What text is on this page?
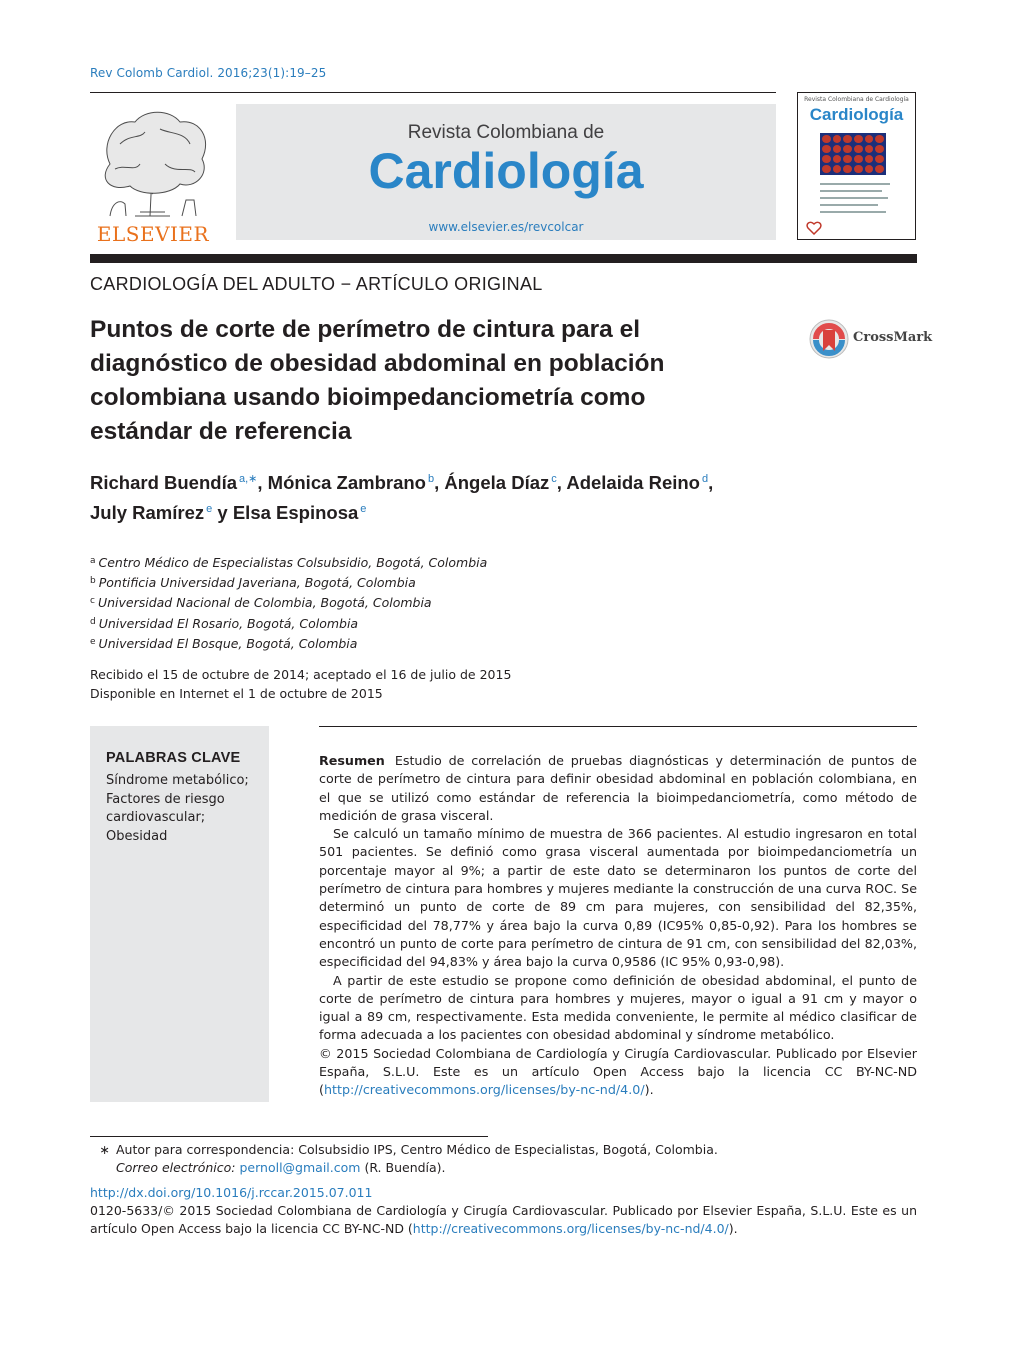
Rev Colomb Cardiol. 2016;23(1):19–25
ELSEVIER
Revista Colombiana de
Cardiología
www.elsevier.es/revcolcar
Revista Colombiana de Cardiología
Cardiología
CARDIOLOGÍA DEL ADULTO − ARTÍCULO ORIGINAL
Puntos de corte de perímetro de cintura para el diagnóstico de obesidad abdominal en población colombiana usando bioimpedanciometría como estándar de referencia
CrossMark
Richard Buendía $^{a,∗}$, Mónica Zambrano $^b$, Ángela Díaz $^c$, Adelaida Reino $^d$,
July Ramírez $^e$ y Elsa Espinosa $^e$
$^a$ Centro Médico de Especialistas Colsubsidio, Bogotá, Colombia
$^b$ Pontificia Universidad Javeriana, Bogotá, Colombia
$^c$ Universidad Nacional de Colombia, Bogotá, Colombia
$^d$ Universidad El Rosario, Bogotá, Colombia
$^e$ Universidad El Bosque, Bogotá, Colombia
Recibido el 15 de octubre de 2014; aceptado el 16 de julio de 2015
Disponible en Internet el 1 de octubre de 2015
PALABRAS CLAVE
Síndrome metabólico;
Factores de riesgo
cardiovascular;
Obesidad

Resumen Estudio de correlación de pruebas diagnósticas y determinación de puntos de corte de perímetro de cintura para definir obesidad abdominal en población colombiana, en el que se utilizó como estándar de referencia la bioimpedanciometría, como método de medición de grasa visceral.

Se calculó un tamaño mínimo de muestra de 366 pacientes. Al estudio ingresaron en total 501 pacientes. Se definió como grasa visceral aumentada por bioimpedanciometría un porcentaje mayor al 9%; a partir de este dato se determinaron los puntos de corte del perímetro de cintura para hombres y mujeres mediante la construcción de una curva ROC. Se determinó un punto de corte de 89 cm para mujeres, con sensibilidad del 82,35%, especificidad del 78,77% y área bajo la curva 0,89 (IC95% 0,85-0,92). Para los hombres se encontró un punto de corte para perímetro de cintura de 91 cm, con sensibilidad del 82,03%, especificidad del 94,83% y área bajo la curva 0,9586 (IC 95% 0,93-0,98).

A partir de este estudio se propone como definición de obesidad abdominal, el punto de corte de perímetro de cintura para hombres y mujeres, mayor o igual a 91 cm y mayor o igual a 89 cm, respectivamente. Esta medida conveniente, le permite al médico clasificar de forma adecuada a los pacientes con obesidad abdominal y síndrome metabólico.

© 2015 Sociedad Colombiana de Cardiología y Cirugía Cardiovascular. Publicado por Elsevier España, S.L.U. Este es un artículo Open Access bajo la licencia CC BY-NC-ND (http://creativecommons.org/licenses/by-nc-nd/4.0/).

∗ Autor para correspondencia: Colsubsidio IPS, Centro Médico de Especialistas, Bogotá, Colombia.
Correo electrónico: pernoll@gmail.com (R. Buendía).
http://dx.doi.org/10.1016/j.rccar.2015.07.011
0120-5633/© 2015 Sociedad Colombiana de Cardiología y Cirugía Cardiovascular. Publicado por Elsevier España, S.L.U. Este es un artículo Open Access bajo la licencia CC BY-NC-ND (http://creativecommons.org/licenses/by-nc-nd/4.0/).
